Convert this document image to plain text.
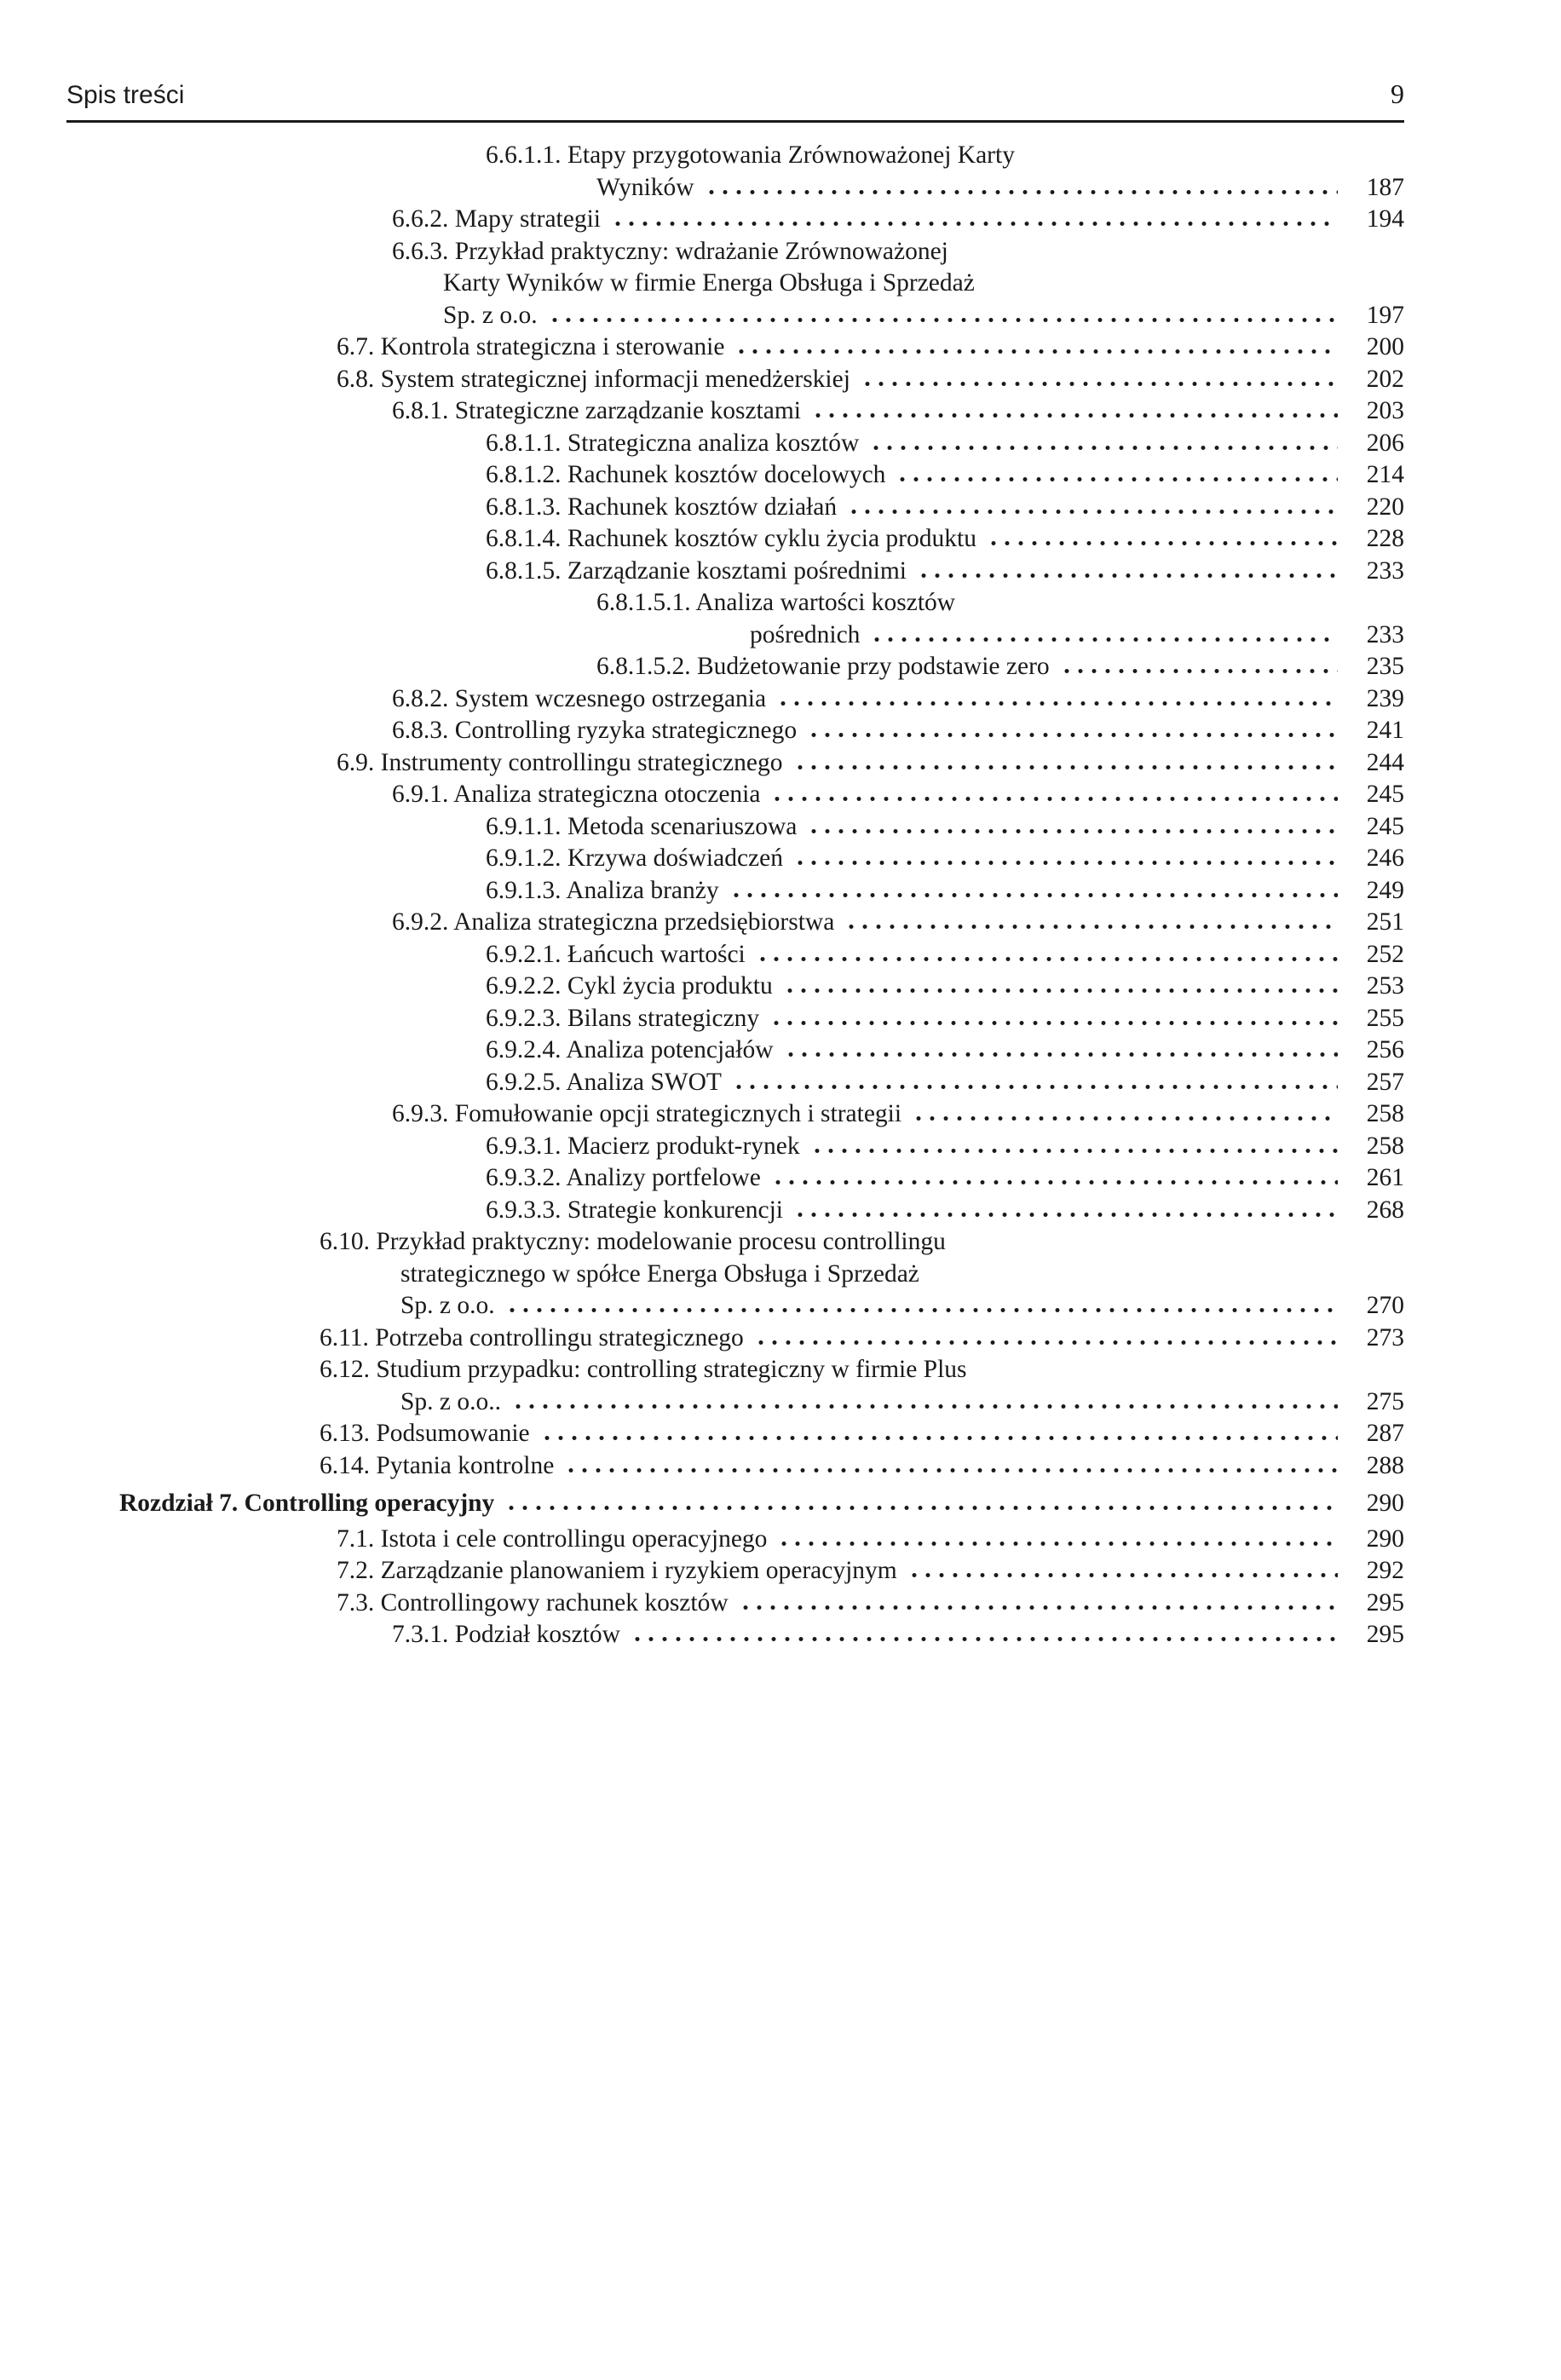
Spis treści	9
6.6.1.1. Etapy przygotowania Zrównoważonej Karty
Wyników	187
6.6.2. Mapy strategii	194
6.6.3. Przykład praktyczny: wdrażanie Zrównoważonej
Karty Wyników w firmie Energa Obsługa i Sprzedaż
Sp. z o.o.	197
6.7. Kontrola strategiczna i sterowanie	200
6.8. System strategicznej informacji menedżerskiej	202
6.8.1. Strategiczne zarządzanie kosztami	203
6.8.1.1. Strategiczna analiza kosztów	206
6.8.1.2. Rachunek kosztów docelowych	214
6.8.1.3. Rachunek kosztów działań	220
6.8.1.4. Rachunek kosztów cyklu życia produktu	228
6.8.1.5. Zarządzanie kosztami pośrednimi	233
6.8.1.5.1. Analiza wartości kosztów
pośrednich	233
6.8.1.5.2. Budżetowanie przy podstawie zero	235
6.8.2. System wczesnego ostrzegania	239
6.8.3. Controlling ryzyka strategicznego	241
6.9. Instrumenty controllingu strategicznego	244
6.9.1. Analiza strategiczna otoczenia	245
6.9.1.1. Metoda scenariuszowa	245
6.9.1.2. Krzywa doświadczeń	246
6.9.1.3. Analiza branży	249
6.9.2. Analiza strategiczna przedsiębiorstwa	251
6.9.2.1. Łańcuch wartości	252
6.9.2.2. Cykl życia produktu	253
6.9.2.3. Bilans strategiczny	255
6.9.2.4. Analiza potencjałów	256
6.9.2.5. Analiza SWOT	257
6.9.3. Fomułowanie opcji strategicznych i strategii	258
6.9.3.1. Macierz produkt-rynek	258
6.9.3.2. Analizy portfelowe	261
6.9.3.3. Strategie konkurencji	268
6.10. Przykład praktyczny: modelowanie procesu controllingu
strategicznego w spółce Energa Obsługa i Sprzedaż
Sp. z o.o.	270
6.11. Potrzeba controllingu strategicznego	273
6.12. Studium przypadku: controlling strategiczny w firmie Plus
Sp. z o.o..	275
6.13. Podsumowanie	287
6.14. Pytania kontrolne	288
Rozdział 7. Controlling operacyjny	290
7.1. Istota i cele controllingu operacyjnego	290
7.2. Zarządzanie planowaniem i ryzykiem operacyjnym	292
7.3. Controllingowy rachunek kosztów	295
7.3.1. Podział kosztów	295
